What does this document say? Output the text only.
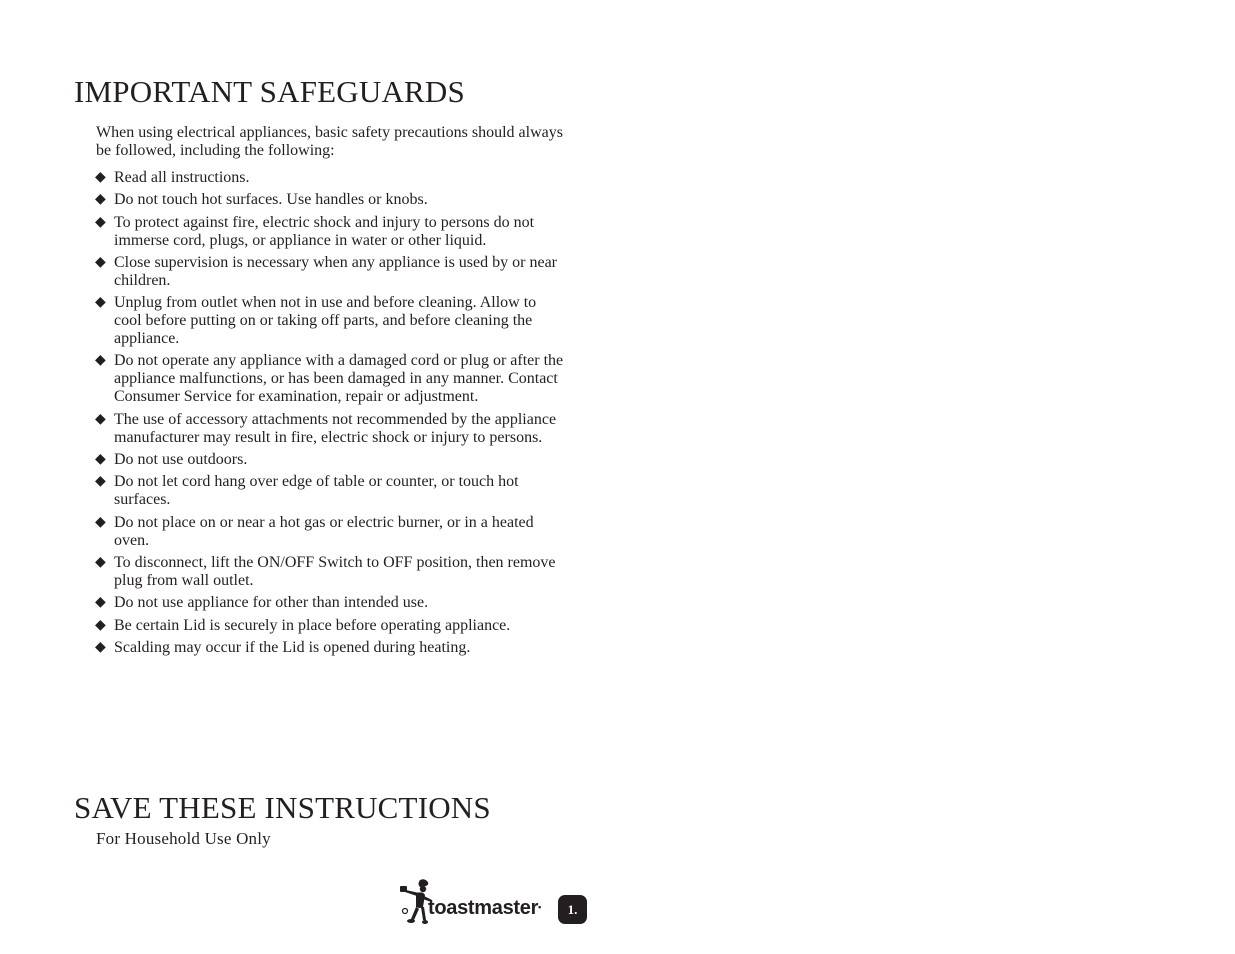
IMPORTANT SAFEGUARDS

When using electrical appliances, basic safety precautions should always be followed, including the following:

◆ Read all instructions.
◆ Do not touch hot surfaces. Use handles or knobs.
◆ To protect against fire, electric shock and injury to persons do not immerse cord, plugs, or appliance in water or other liquid.
◆ Close supervision is necessary when any appliance is used by or near children.
◆ Unplug from outlet when not in use and before cleaning. Allow to cool before putting on or taking off parts, and before cleaning the appliance.
◆ Do not operate any appliance with a damaged cord or plug or after the appliance malfunctions, or has been damaged in any manner. Contact Consumer Service for examination, repair or adjustment.
◆ The use of accessory attachments not recommended by the appliance manufacturer may result in fire, electric shock or injury to persons.
◆ Do not use outdoors.
◆ Do not let cord hang over edge of table or counter, or touch hot surfaces.
◆ Do not place on or near a hot gas or electric burner, or in a heated oven.
◆ To disconnect, lift the ON/OFF Switch to OFF position, then remove plug from wall outlet.
◆ Do not use appliance for other than intended use.
◆ Be certain Lid is securely in place before operating appliance.
◆ Scalding may occur if the Lid is opened during heating.
SAVE THESE INSTRUCTIONS

For Household Use Only

toastmaster•	1.
